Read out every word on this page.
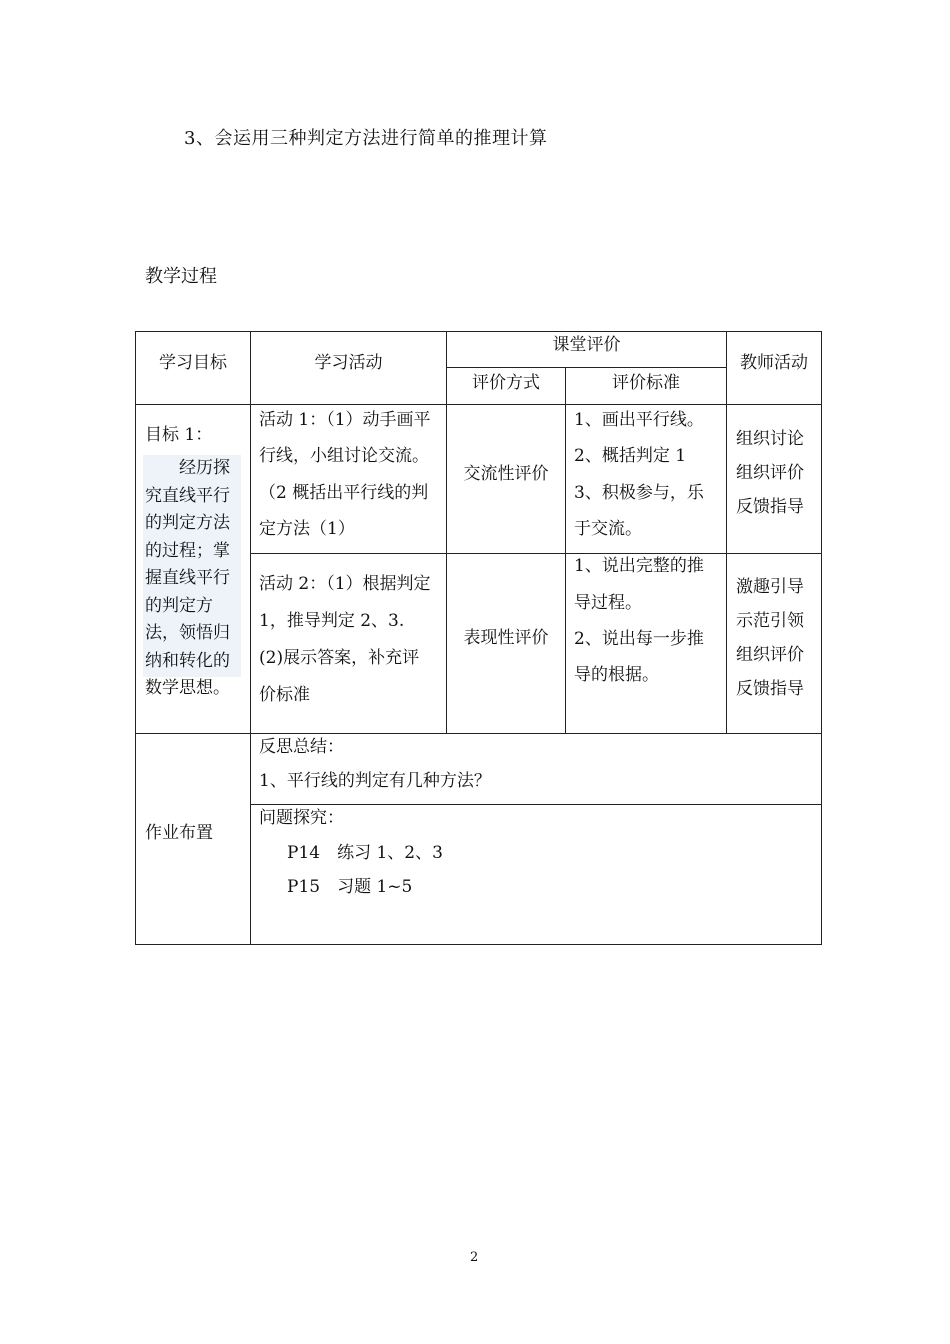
3、会运用三种判定方法进行简单的推理计算
教学过程
学习目标	学习活动
课堂评价
评价方式	评价标准
教师活动
目标 1：
　　经历探究直线平行的判定方法的过程；掌握直线平行的判定方法，领悟归纳和转化的数学思想。
活动 1：（1）动手画平
行线，小组讨论交流。
（2 概括出平行线的判
定方法（1）
交流性评价
1、画出平行线。
2、概括判定 1
3、积极参与，乐
于交流。
组织讨论
组织评价
反馈指导
活动 2：（1）根据判定
1，推导判定 2、3.
(2)展示答案，补充评
价标准
表现性评价
1、说出完整的推
导过程。
2、说出每一步推
导的根据。
激趣引导
示范引领
组织评价
反馈指导
作业布置
反思总结：
1、平行线的判定有几种方法？
问题探究：
P14　练习 1、2、3
P15　习题 1~5
2
